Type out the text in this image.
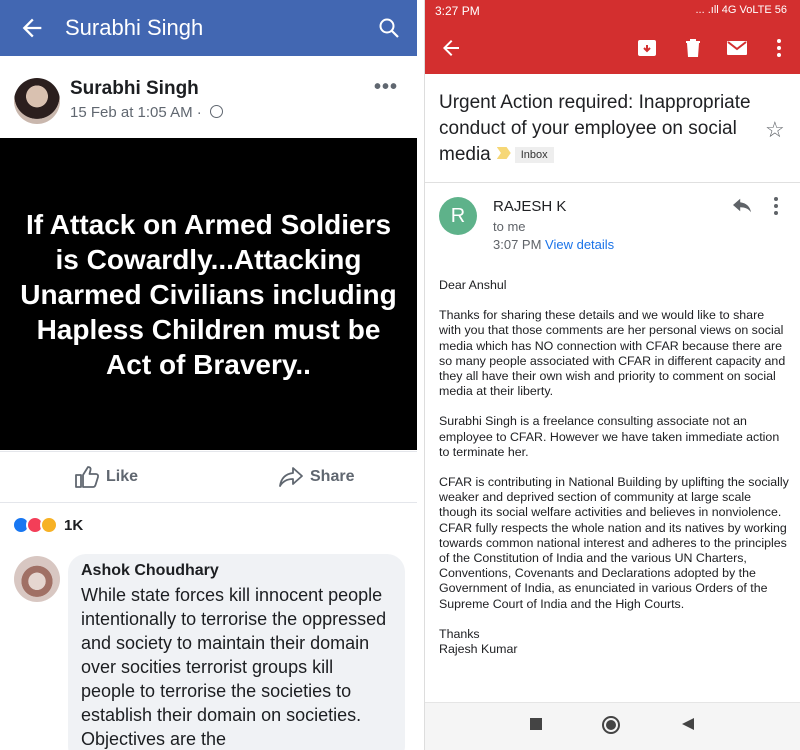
Surabhi Singh
Surabhi Singh
15 Feb at 1:05 AM ·
•••
If Attack on Armed Soldiers is Cowardly...Attacking Unarmed Civilians including Hapless Children must be Act of Bravery..
Like	Share
1K
Ashok Choudhary
While state forces kill innocent people intentionally to terrorise the oppressed and society to maintain their domain over socities terrorist groups kill people to terrorise the societies to establish their domain on societies. Objectives are the
3:27 PM	... .ıll 4G VoLTE 56
Urgent Action required: Inappropriate conduct of your employee on social media	Inbox
☆
R	RAJESH K
to me
3:07 PM View details

Dear Anshul

Thanks for sharing these details and we would like to share with you that those comments are her personal views on social media which has NO connection with CFAR because there are so many people associated with CFAR in different capacity and they all have their own wish and priority to comment on social media at their liberty.

Surabhi Singh is a freelance consulting associate not an employee to CFAR. However we have taken immediate action to terminate her.

CFAR is contributing in National Building by uplifting the socially weaker and deprived section of community at large scale though its social welfare activities and believes in nonviolence. CFAR fully respects the whole nation and its natives by working towards common national interest and adheres to the principles of the Constitution of India and the various UN Charters, Conventions, Covenants and Declarations adopted by the Government of India, as enunciated in various Orders of the Supreme Court of India and the High Courts.

Thanks
Rajesh Kumar
